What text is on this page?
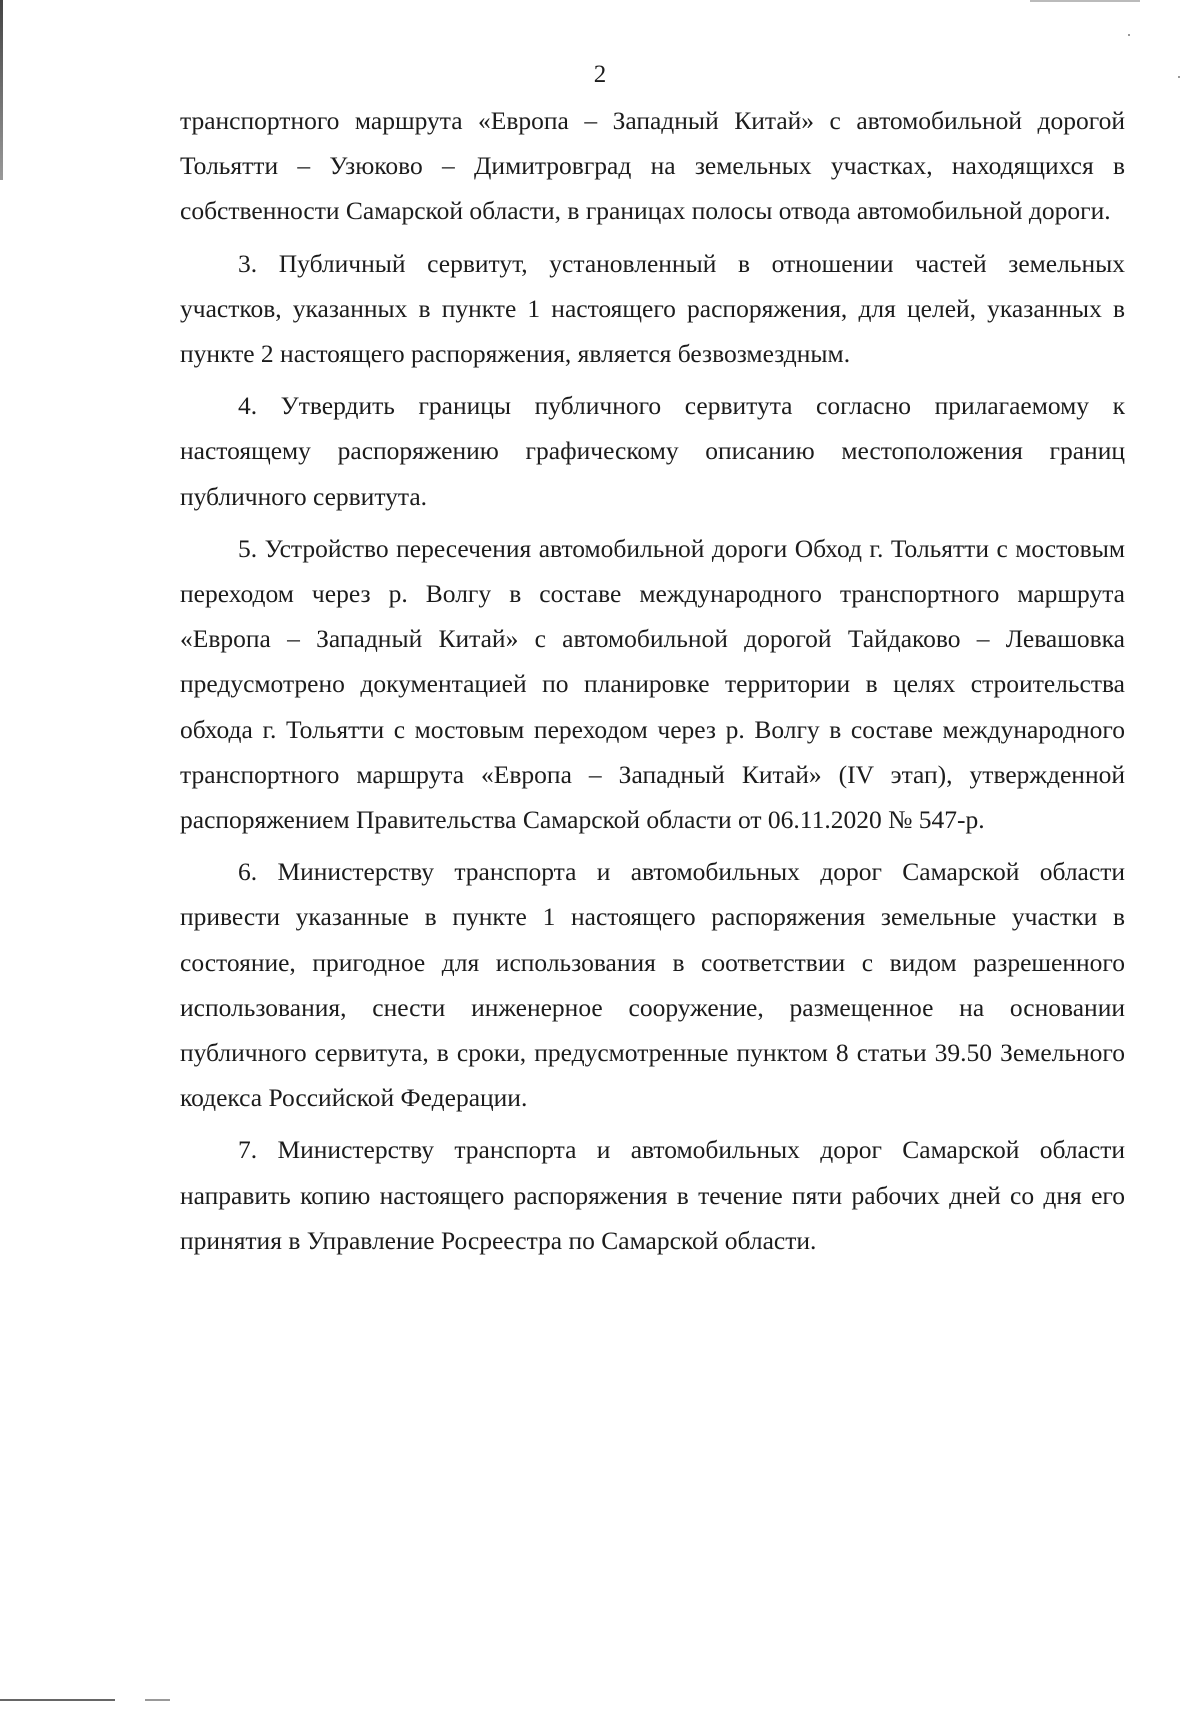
2

транспортного маршрута «Европа – Западный Китай» с автомобильной дорогой Тольятти – Узюково – Димитровград на земельных участках, находящихся в собственности Самарской области, в границах полосы отвода автомобильной дороги.

3. Публичный сервитут, установленный в отношении частей земельных участков, указанных в пункте 1 настоящего распоряжения, для целей, указанных в пункте 2 настоящего распоряжения, является безвозмездным.

4. Утвердить границы публичного сервитута согласно прилагаемому к настоящему распоряжению графическому описанию местоположения границ публичного сервитута.

5. Устройство пересечения автомобильной дороги Обход г. Тольятти с мостовым переходом через р. Волгу в составе международного транспортного маршрута «Европа – Западный Китай» с автомобильной дорогой Тайдаково – Левашовка предусмотрено документацией по планировке территории в целях строительства обхода г. Тольятти с мостовым переходом через р. Волгу в составе международного транспортного маршрута «Европа – Западный Китай» (IV этап), утвержденной распоряжением Правительства Самарской области от 06.11.2020 № 547-р.

6. Министерству транспорта и автомобильных дорог Самарской области привести указанные в пункте 1 настоящего распоряжения земельные участки в состояние, пригодное для использования в соответствии с видом разрешенного использования, снести инженерное сооружение, размещенное на основании публичного сервитута, в сроки, предусмотренные пунктом 8 статьи 39.50 Земельного кодекса Российской Федерации.

7. Министерству транспорта и автомобильных дорог Самарской области направить копию настоящего распоряжения в течение пяти рабочих дней со дня его принятия в Управление Росреестра по Самарской области.
